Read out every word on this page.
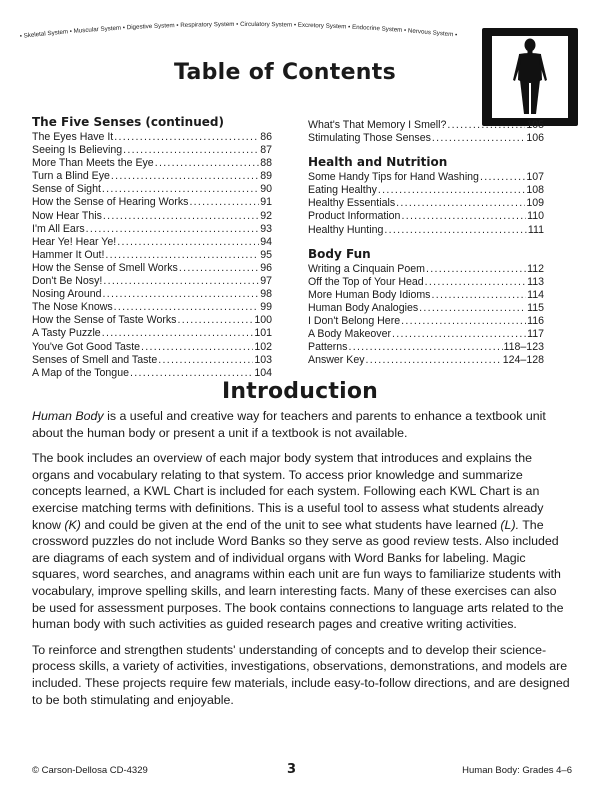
• Skeletal System • Muscular System • Digestive System • Respiratory System • Circulatory System • Excretory System • Endocrine System • Nervous System •
Table of Contents
The Five Senses (continued)
The Eyes Have It .....	86
Seeing Is Believing .....	87
More Than Meets the Eye .....	88
Turn a Blind Eye .....	89
Sense of Sight .....	90
How the Sense of Hearing Works .....	91
Now Hear This .....	92
I'm All Ears .....	93
Hear Ye! Hear Ye! .....	94
Hammer It Out! .....	95
How the Sense of Smell Works .....	96
Don't Be Nosy! .....	97
Nosing Around .....	98
The Nose Knows .....	99
How the Sense of Taste Works .....	100
A Tasty Puzzle .....	101
You've Got Good Taste .....	102
Senses of Smell and Taste .....	103
A Map of the Tongue .....	104
What's That Memory I Smell? .....	105
Stimulating Those Senses .....	106
Health and Nutrition
Some Handy Tips for Hand Washing .....	107
Eating Healthy .....	108
Healthy Essentials .....	109
Product Information .....	110
Healthy Hunting .....	111
Body Fun
Writing a Cinquain Poem .....	112
Off the Top of Your Head .....	113
More Human Body Idioms .....	114
Human Body Analogies .....	115
I Don't Belong Here .....	116
A Body Makeover .....	117
Patterns .....	118–123
Answer Key .....	124–128
Introduction

Human Body is a useful and creative way for teachers and parents to enhance a textbook unit about the human body or present a unit if a textbook is not available.

The book includes an overview of each major body system that introduces and explains the organs and vocabulary relating to that system. To access prior knowledge and summarize concepts learned, a KWL Chart is included for each system. Following each KWL Chart is an exercise matching terms with definitions. This is a useful tool to assess what students already know (K) and could be given at the end of the unit to see what students have learned (L). The crossword puzzles do not include Word Banks so they serve as good review tests. Also included are diagrams of each system and of individual organs with Word Banks for labeling. Magic squares, word searches, and anagrams within each unit are fun ways to familiarize students with vocabulary, improve spelling skills, and learn interesting facts. Many of these exercises can also be used for assessment purposes. The book contains connections to language arts related to the human body with such activities as guided research pages and creative writing activities.

To reinforce and strengthen students' understanding of concepts and to develop their science-process skills, a variety of activities, investigations, observations, demonstrations, and models are included. These projects require few materials, include easy-to-follow directions, and are designed to be both stimulating and enjoyable.

© Carson-Dellosa CD-4329	3	Human Body: Grades 4–6
